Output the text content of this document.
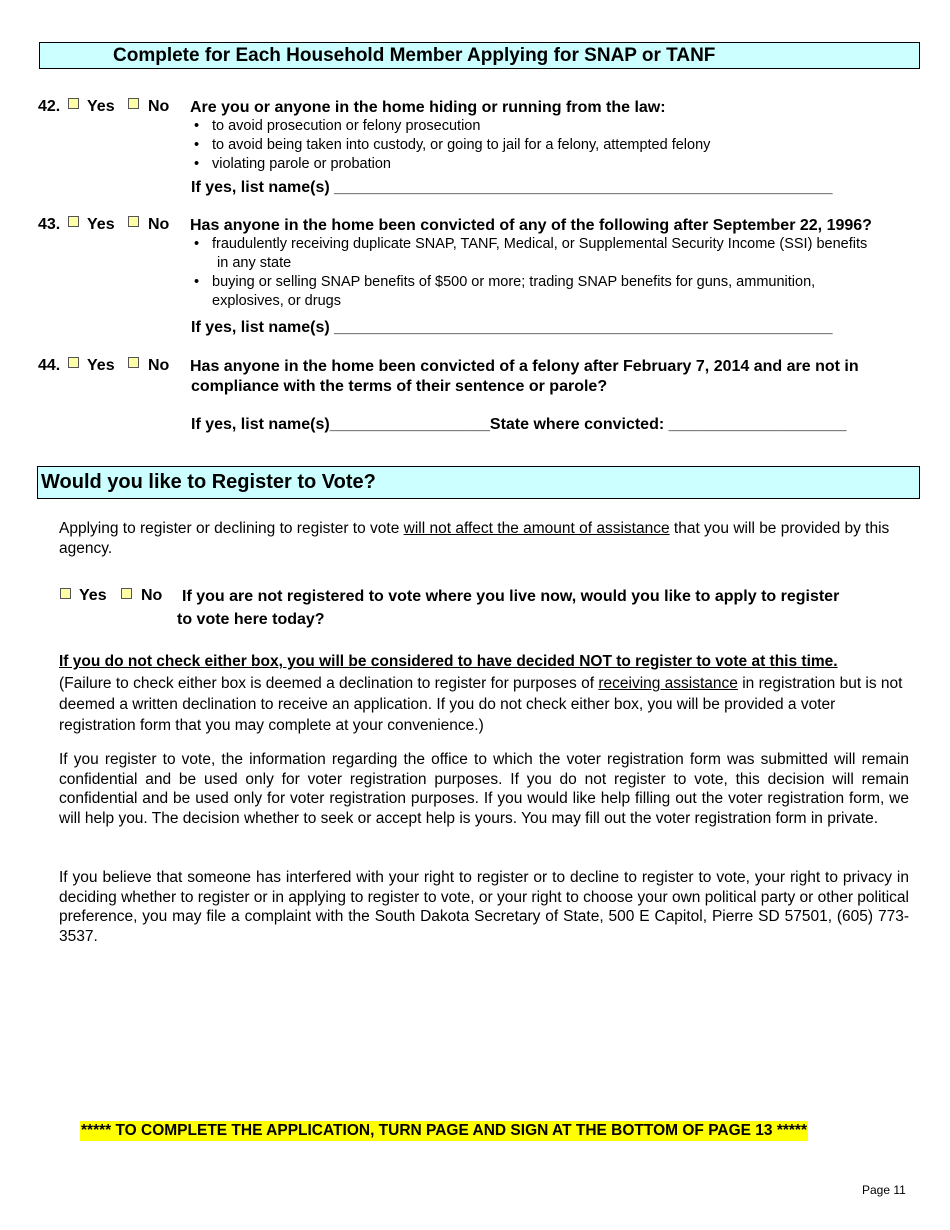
Complete for Each Household Member Applying for SNAP or TANF
42. Yes No Are you or anyone in the home hiding or running from the law:
• to avoid prosecution or felony prosecution
• to avoid being taken into custody, or going to jail for a felony, attempted felony
• violating parole or probation
If yes, list name(s) ________________________________________________________
43. Yes No Has anyone in the home been convicted of any of the following after September 22, 1996?
• fraudulently receiving duplicate SNAP, TANF, Medical, or Supplemental Security Income (SSI) benefits
in any state
• buying or selling SNAP benefits of $500 or more; trading SNAP benefits for guns, ammunition, explosives, or drugs
If yes, list name(s) ________________________________________________________
44. Yes No Has anyone in the home been convicted of a felony after February 7, 2014 and are not in
compliance with the terms of their sentence or parole?
If yes, list name(s)__________________State where convicted: ____________________
Would you like to Register to Vote?
Applying to register or declining to register to vote will not affect the amount of assistance that you will be provided by this agency.
Yes No If you are not registered to vote where you live now, would you like to apply to register
to vote here today?
If you do not check either box, you will be considered to have decided NOT to register to vote at this time.
(Failure to check either box is deemed a declination to register for purposes of receiving assistance in registration but is not deemed a written declination to receive an application. If you do not check either box, you will be provided a voter registration form that you may complete at your convenience.)
If you register to vote, the information regarding the office to which the voter registration form was submitted will remain confidential and be used only for voter registration purposes. If you do not register to vote, this decision will remain confidential and be used only for voter registration purposes. If you would like help filling out the voter registration form, we will help you. The decision whether to seek or accept help is yours. You may fill out the voter registration form in private.
If you believe that someone has interfered with your right to register or to decline to register to vote, your right to privacy in deciding whether to register or in applying to register to vote, or your right to choose your own political party or other political preference, you may file a complaint with the South Dakota Secretary of State, 500 E Capitol, Pierre SD 57501, (605) 773-3537.
***** TO COMPLETE THE APPLICATION, TURN PAGE AND SIGN AT THE BOTTOM OF PAGE 13 *****
Page 11
